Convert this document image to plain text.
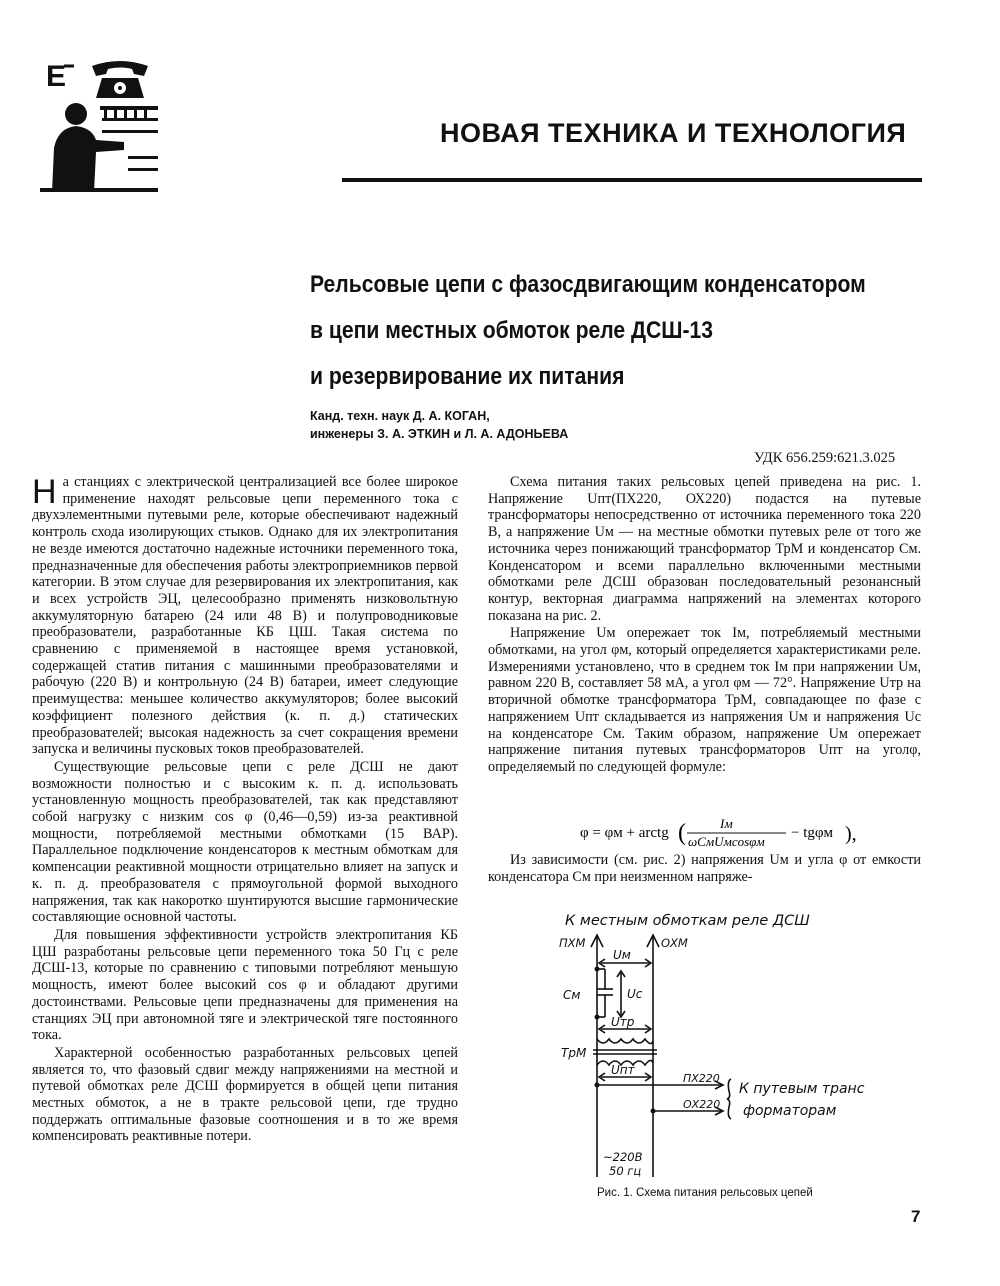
E
НОВАЯ ТЕХНИКА И ТЕХНОЛОГИЯ
Рельсовые цепи с фазосдвигающим конденсатором
в цепи местных обмоток реле ДСШ-13
и резервирование их питания
Канд. техн. наук Д. А. КОГАН,
инженеры З. А. ЭТКИН и Л. А. АДОНЬЕВА
УДК 656.259:621.3.025

На станциях с электрической централизацией все более широкое применение находят рельсовые цепи переменного тока с двухэлементными путевыми реле, которые обеспечивают надежный контроль схода изолирующих стыков. Однако для их электропитания не везде имеются достаточно надежные источники переменного тока, предназначенные для обеспечения работы электроприемников первой категории. В этом случае для резервирования их электропитания, как и всех устройств ЭЦ, целесообразно применять низковольтную аккумуляторную батарею (24 или 48 В) и полупроводниковые преобразователи, разработанные КБ ЦШ. Такая система по сравнению с применяемой в настоящее время установкой, содержащей статив питания с машинными преобразователями и рабочую (220 В) и контрольную (24 В) батареи, имеет следующие преимущества: меньшее количество аккумуляторов; более высокий коэффициент полезного действия (к. п. д.) статических преобразователей; высокая надежность за счет сокращения времени запуска и величины пусковых токов преобразователей.

Существующие рельсовые цепи с реле ДСШ не дают возможности полностью и с высоким к. п. д. использовать установленную мощность преобразователей, так как представляют собой нагрузку с низким cos φ (0,46—0,59) из-за реактивной мощности, потребляемой местными обмотками (15 ВАР). Параллельное подключение конденсаторов к местным обмоткам для компенсации реактивной мощности отрицательно влияет на запуск и к. п. д. преобразователя с прямоугольной формой выходного напряжения, так как накоротко шунтируются высшие гармонические составляющие основной частоты.

Для повышения эффективности устройств электропитания КБ ЦШ разработаны рельсовые цепи переменного тока 50 Гц с реле ДСШ-13, которые по сравнению с типовыми потребляют меньшую мощность, имеют более высокий cos φ и обладают другими достоинствами. Рельсовые цепи предназначены для применения на станциях ЭЦ при автономной тяге и электрической тяге постоянного тока.

Характерной особенностью разработанных рельсовых цепей является то, что фазовый сдвиг между напряжениями на местной и путевой обмотках реле ДСШ формируется в общей цепи питания местных обмоток, а не в тракте рельсовой цепи, где трудно поддержать оптимальные фазовые соотношения и в то же время компенсировать реактивные потери.

Схема питания таких рельсовых цепей приведена на рис. 1. Напряжение Uпт(ПХ220, ОХ220) подастся на путевые трансформаторы непосредственно от источника переменного тока 220 В, а напряжение Uм — на местные обмотки путевых реле от того же источника через понижающий трансформатор ТрМ и конденсатор Cм. Конденсатором и всеми параллельно включенными местными обмотками реле ДСШ образован последовательный резонансный контур, векторная диаграмма напряжений на элементах которого показана на рис. 2.

Напряжение Uм опережает ток Iм, потребляемый местными обмотками, на угол φм, который определяется характеристиками реле. Измерениями установлено, что в среднем ток Iм при напряжении Uм, равном 220 В, составляет 58 мА, а угол φм — 72°. Напряжение Uтр на вторичной обмотке трансформатора ТрМ, совпадающее по фазе с напряжением Uпт складывается из напряжения Uм и напряжения Uс на конденсаторе Cм. Таким образом, напряжение Uм опережает напряжение питания путевых трансформаторов Uпт на уголφ, определяемый по следующей формуле:

φ = φм + arctg (	Iм
ωCмUмcosφм
− tgφм ),

Из зависимости (см. рис. 2) напряжения Uм и угла φ от емкости конденсатора Cм при неизменном напряже-

К местным обмоткам реле ДСШ
ПХМ	ОХМ
Uм
Cм	Uс
Uтр
ТрМ
Uпт
ПХ220
ОХ220
К путевым транс
форматорам
~220В
50 гц
Рис. 1. Схема питания рельсовых цепей
7
